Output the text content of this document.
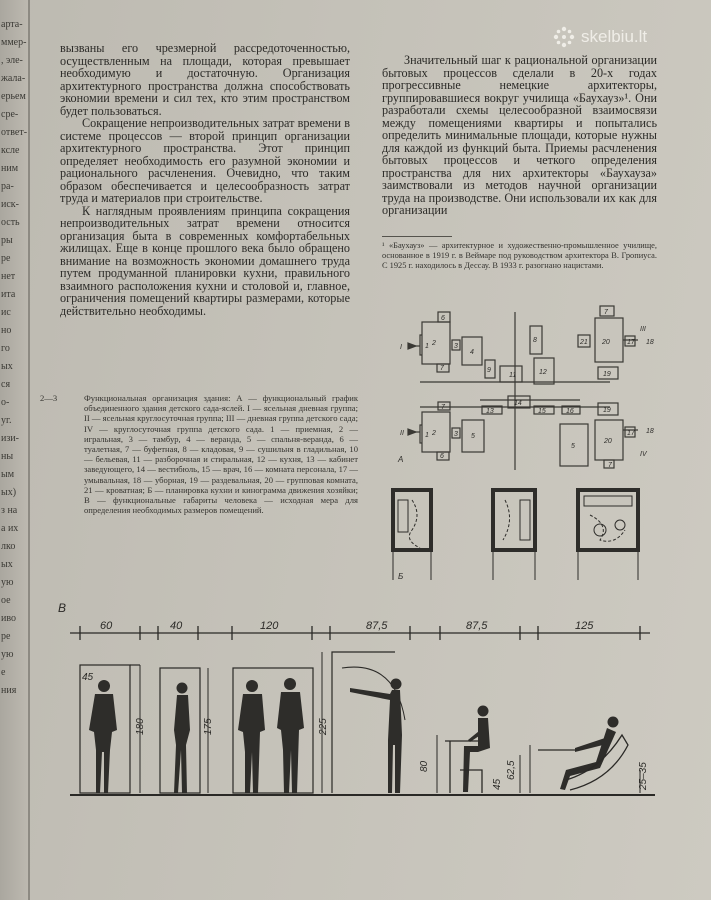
арта-
ммер-
, эле-
жала-
ерьем
сре-
ответ-
ксле
ним
ра-
иск-
ость
ры
ре
нет
ита
ис
но
го
ых
ся
о-
уг.
изи-
ны
ым
ых)
з на
а их
лко
ых
ую
ое
иво
ре
ую
е
ния

вызваны его чрезмерной рассредоточенностью, осуществленным на площади, которая превышает необходимую и достаточную. Организация архитектурного пространства должна способствовать экономии времени и сил тех, кто этим пространством будет пользоваться.

Сокращение непроизводительных затрат времени в системе процессов — второй принцип организации архитектурного пространства. Этот принцип определяет необходимость его разумной экономии и рационального расчленения. Очевидно, что таким образом обеспечивается и целесообразность затрат труда и материалов при строительстве.

К наглядным проявлениям принципа сокращения непроизводительных затрат времени относится организация быта в современных комфортабельных жилищах. Еще в конце прошлого века было обращено внимание на возможность экономии домашнего труда путем продуманной планировки кухни, правильного взаимного расположения кухни и столовой и, главное, ограничения помещений квартиры размерами, которые действительно необходимы.

Значительный шаг к рациональной организации бытовых процессов сделали в 20-х годах прогрессивные немецкие архитекторы, группировавшиеся вокруг училища «Баухауз»¹. Они разработали схемы целесообразной взаимосвязи между помещениями квартиры и попытались определить минимальные площади, которые нужны для каждой из функций быта. Приемы расчленения бытовых процессов и четкого определения пространства для них архитекторы «Баухауза» заимствовали из методов научной организации труда на производстве. Они использовали их как для организации

¹ «Баухауз» — архитектурное и художественно-промышленное училище, основанное в 1919 г. в Веймаре под руководством архитектора В. Гропиуса. С 1925 г. находилось в Дессау. В 1933 г. разогнано нацистами.
2—3	Функциональная организация здания: А — функциональный график объединенного здания детского сада-яслей. I — ясельная дневная группа; II — ясельная круглосуточная группа; III — дневная группа детского сада; IV — круглосуточная группа детского сада. 1 — приемная, 2 — игральная, 3 — тамбур, 4 — веранда, 5 — спальня-веранда, 6 — туалетная, 7 — буфетная, 8 — кладовая, 9 — сушильня в гладильная, 10 — бельевая, 11 — разборочная и стиральная, 12 — кухня, 13 — кабинет заведующего, 14 — вестибюль, 15 — врач, 16 — комната персонала, 17 — умывальная, 18 — уборная, 19 — раздевальная, 20 — групповая комната, 21 — кроватная; Б — планировка кухни и кинограмма движения хозяйки; В — функциональные габариты человека — исходная мера для определения необходимых размеров помещений.
skelbiu.lt
1 2	3
4
6
7
1 2	3 5
7
6
9
11
8
12
13
14
15	16
5
21 20 17
7
19
19
20
17
18
18
7
I
II
III
IV
А
Б
В
60	40	120	87,5	87,5	125
45
180	175	225
80
45
62,5	25–35
